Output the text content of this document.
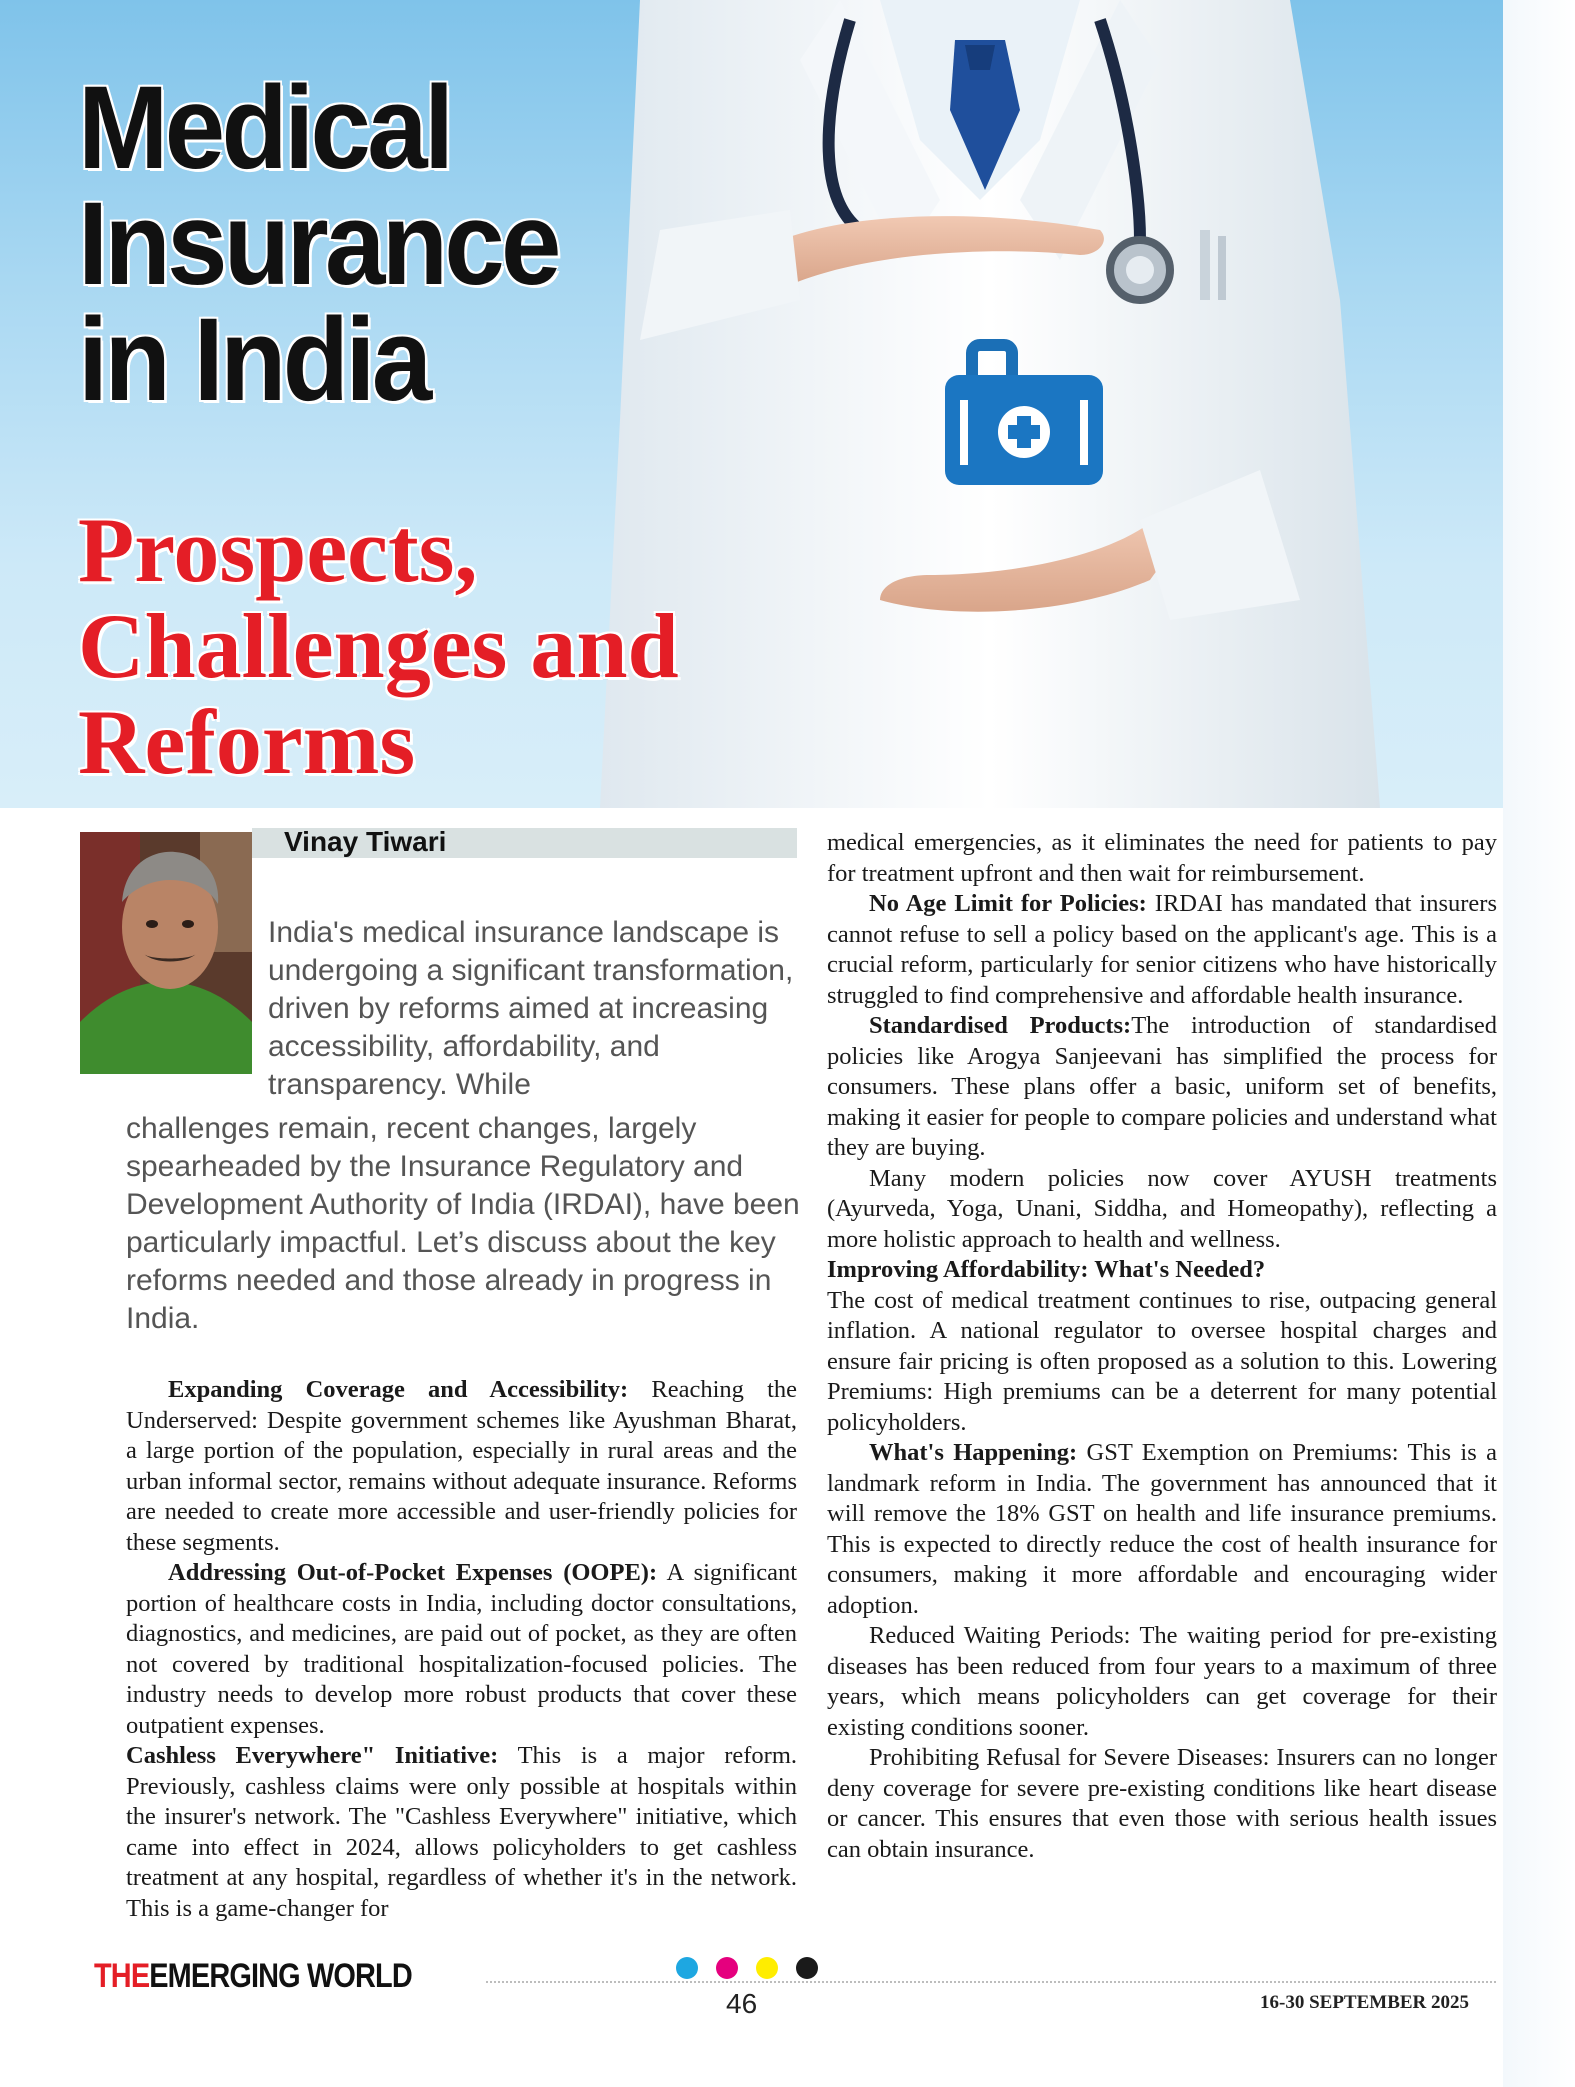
Medical
Insurance
in India
Prospects,
Challenges and
Reforms
Vinay Tiwari
India's medical insurance landscape is undergoing a significant transformation, driven by reforms aimed at increasing accessibility, affordability, and transparency. While
challenges remain, recent changes, largely spearheaded by the Insurance Regulatory and Development Authority of India (IRDAI), have been particularly impactful. Let’s discuss about the key reforms needed and those already in progress in India.

Expanding Coverage and Accessibility: Reaching the Underserved: Despite government schemes like Ayushman Bharat, a large portion of the population, especially in rural areas and the urban informal sector, remains without adequate insurance. Reforms are needed to create more accessible and user-friendly policies for these segments.

Addressing Out-of-Pocket Expenses (OOPE): A significant portion of healthcare costs in India, including doctor consultations, diagnostics, and medicines, are paid out of pocket, as they are often not covered by traditional hospitalization-focused policies. The industry needs to develop more robust products that cover these outpatient expenses.

Cashless Everywhere" Initiative: This is a major reform. Previously, cashless claims were only possible at hospitals within the insurer's network. The "Cashless Everywhere" initiative, which came into effect in 2024, allows policyholders to get cashless treatment at any hospital, regardless of whether it's in the network. This is a game-changer for

medical emergencies, as it eliminates the need for patients to pay for treatment upfront and then wait for reimbursement.

No Age Limit for Policies: IRDAI has mandated that insurers cannot refuse to sell a policy based on the applicant's age. This is a crucial reform, particularly for senior citizens who have historically struggled to find comprehensive and affordable health insurance.

Standardised Products:The introduction of standardised policies like Arogya Sanjeevani has simplified the process for consumers. These plans offer a basic, uniform set of benefits, making it easier for people to compare policies and understand what they are buying.

Many modern policies now cover AYUSH treatments (Ayurveda, Yoga, Unani, Siddha, and Homeopathy), reflecting a more holistic approach to health and wellness.

Improving Affordability: What's Needed?

The cost of medical treatment continues to rise, outpacing general inflation. A national regulator to oversee hospital charges and ensure fair pricing is often proposed as a solution to this. Lowering Premiums: High premiums can be a deterrent for many potential policyholders.

What's Happening: GST Exemption on Premiums: This is a landmark reform in India. The government has announced that it will remove the 18% GST on health and life insurance premiums. This is expected to directly reduce the cost of health insurance for consumers, making it more affordable and encouraging wider adoption.

Reduced Waiting Periods: The waiting period for pre-existing diseases has been reduced from four years to a maximum of three years, which means policyholders can get coverage for their existing conditions sooner.

Prohibiting Refusal for Severe Diseases: Insurers can no longer deny coverage for severe pre-existing conditions like heart disease or cancer. This ensures that even those with serious health issues can obtain insurance.

THEEMERGING WORLD
46	16-30 SEPTEMBER 2025
